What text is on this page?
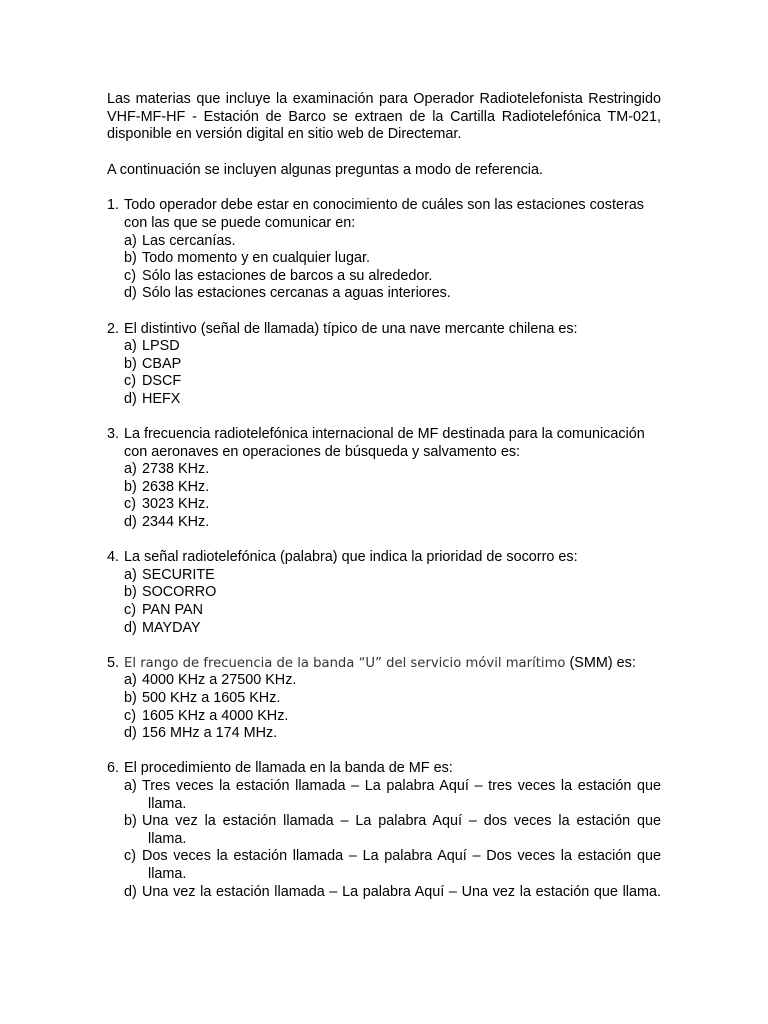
Las materias que incluye la examinación para Operador Radiotelefonista Restringido VHF-MF-HF - Estación de Barco se extraen de la Cartilla Radiotelefónica TM-021, disponible en versión digital en sitio web de Directemar.

A continuación se incluyen algunas preguntas a modo de referencia.

1. Todo operador debe estar en conocimiento de cuáles son las estaciones costeras con las que se puede comunicar en:
a) Las cercanías.
b) Todo momento y en cualquier lugar.
c) Sólo las estaciones de barcos a su alrededor.
d) Sólo las estaciones cercanas a aguas interiores.
2. El distintivo (señal de llamada) típico de una nave mercante chilena es:
a) LPSD
b) CBAP
c) DSCF
d) HEFX
3. La frecuencia radiotelefónica internacional de MF destinada para la comunicación con aeronaves en operaciones de búsqueda y salvamento es:
a) 2738 KHz.
b) 2638 KHz.
c) 3023 KHz.
d) 2344 KHz.
4. La señal radiotelefónica (palabra) que indica la prioridad de socorro es:
a) SECURITE
b) SOCORRO
c) PAN PAN
d) MAYDAY
5. El rango de frecuencia de la banda “U” del servicio móvil marítimo (SMM) es:
a) 4000 KHz a 27500 KHz.
b) 500 KHz a 1605 KHz.
c) 1605 KHz a 4000 KHz.
d) 156 MHz a 174 MHz.
6. El procedimiento de llamada en la banda de MF es:
a) Tres veces la estación llamada – La palabra Aquí – tres veces la estación que
llama.
b) Una vez la estación llamada – La palabra Aquí – dos veces la estación que
llama.
c) Dos veces la estación llamada – La palabra Aquí – Dos veces la estación que
llama.
d) Una vez la estación llamada – La palabra Aquí – Una vez la estación que llama.
